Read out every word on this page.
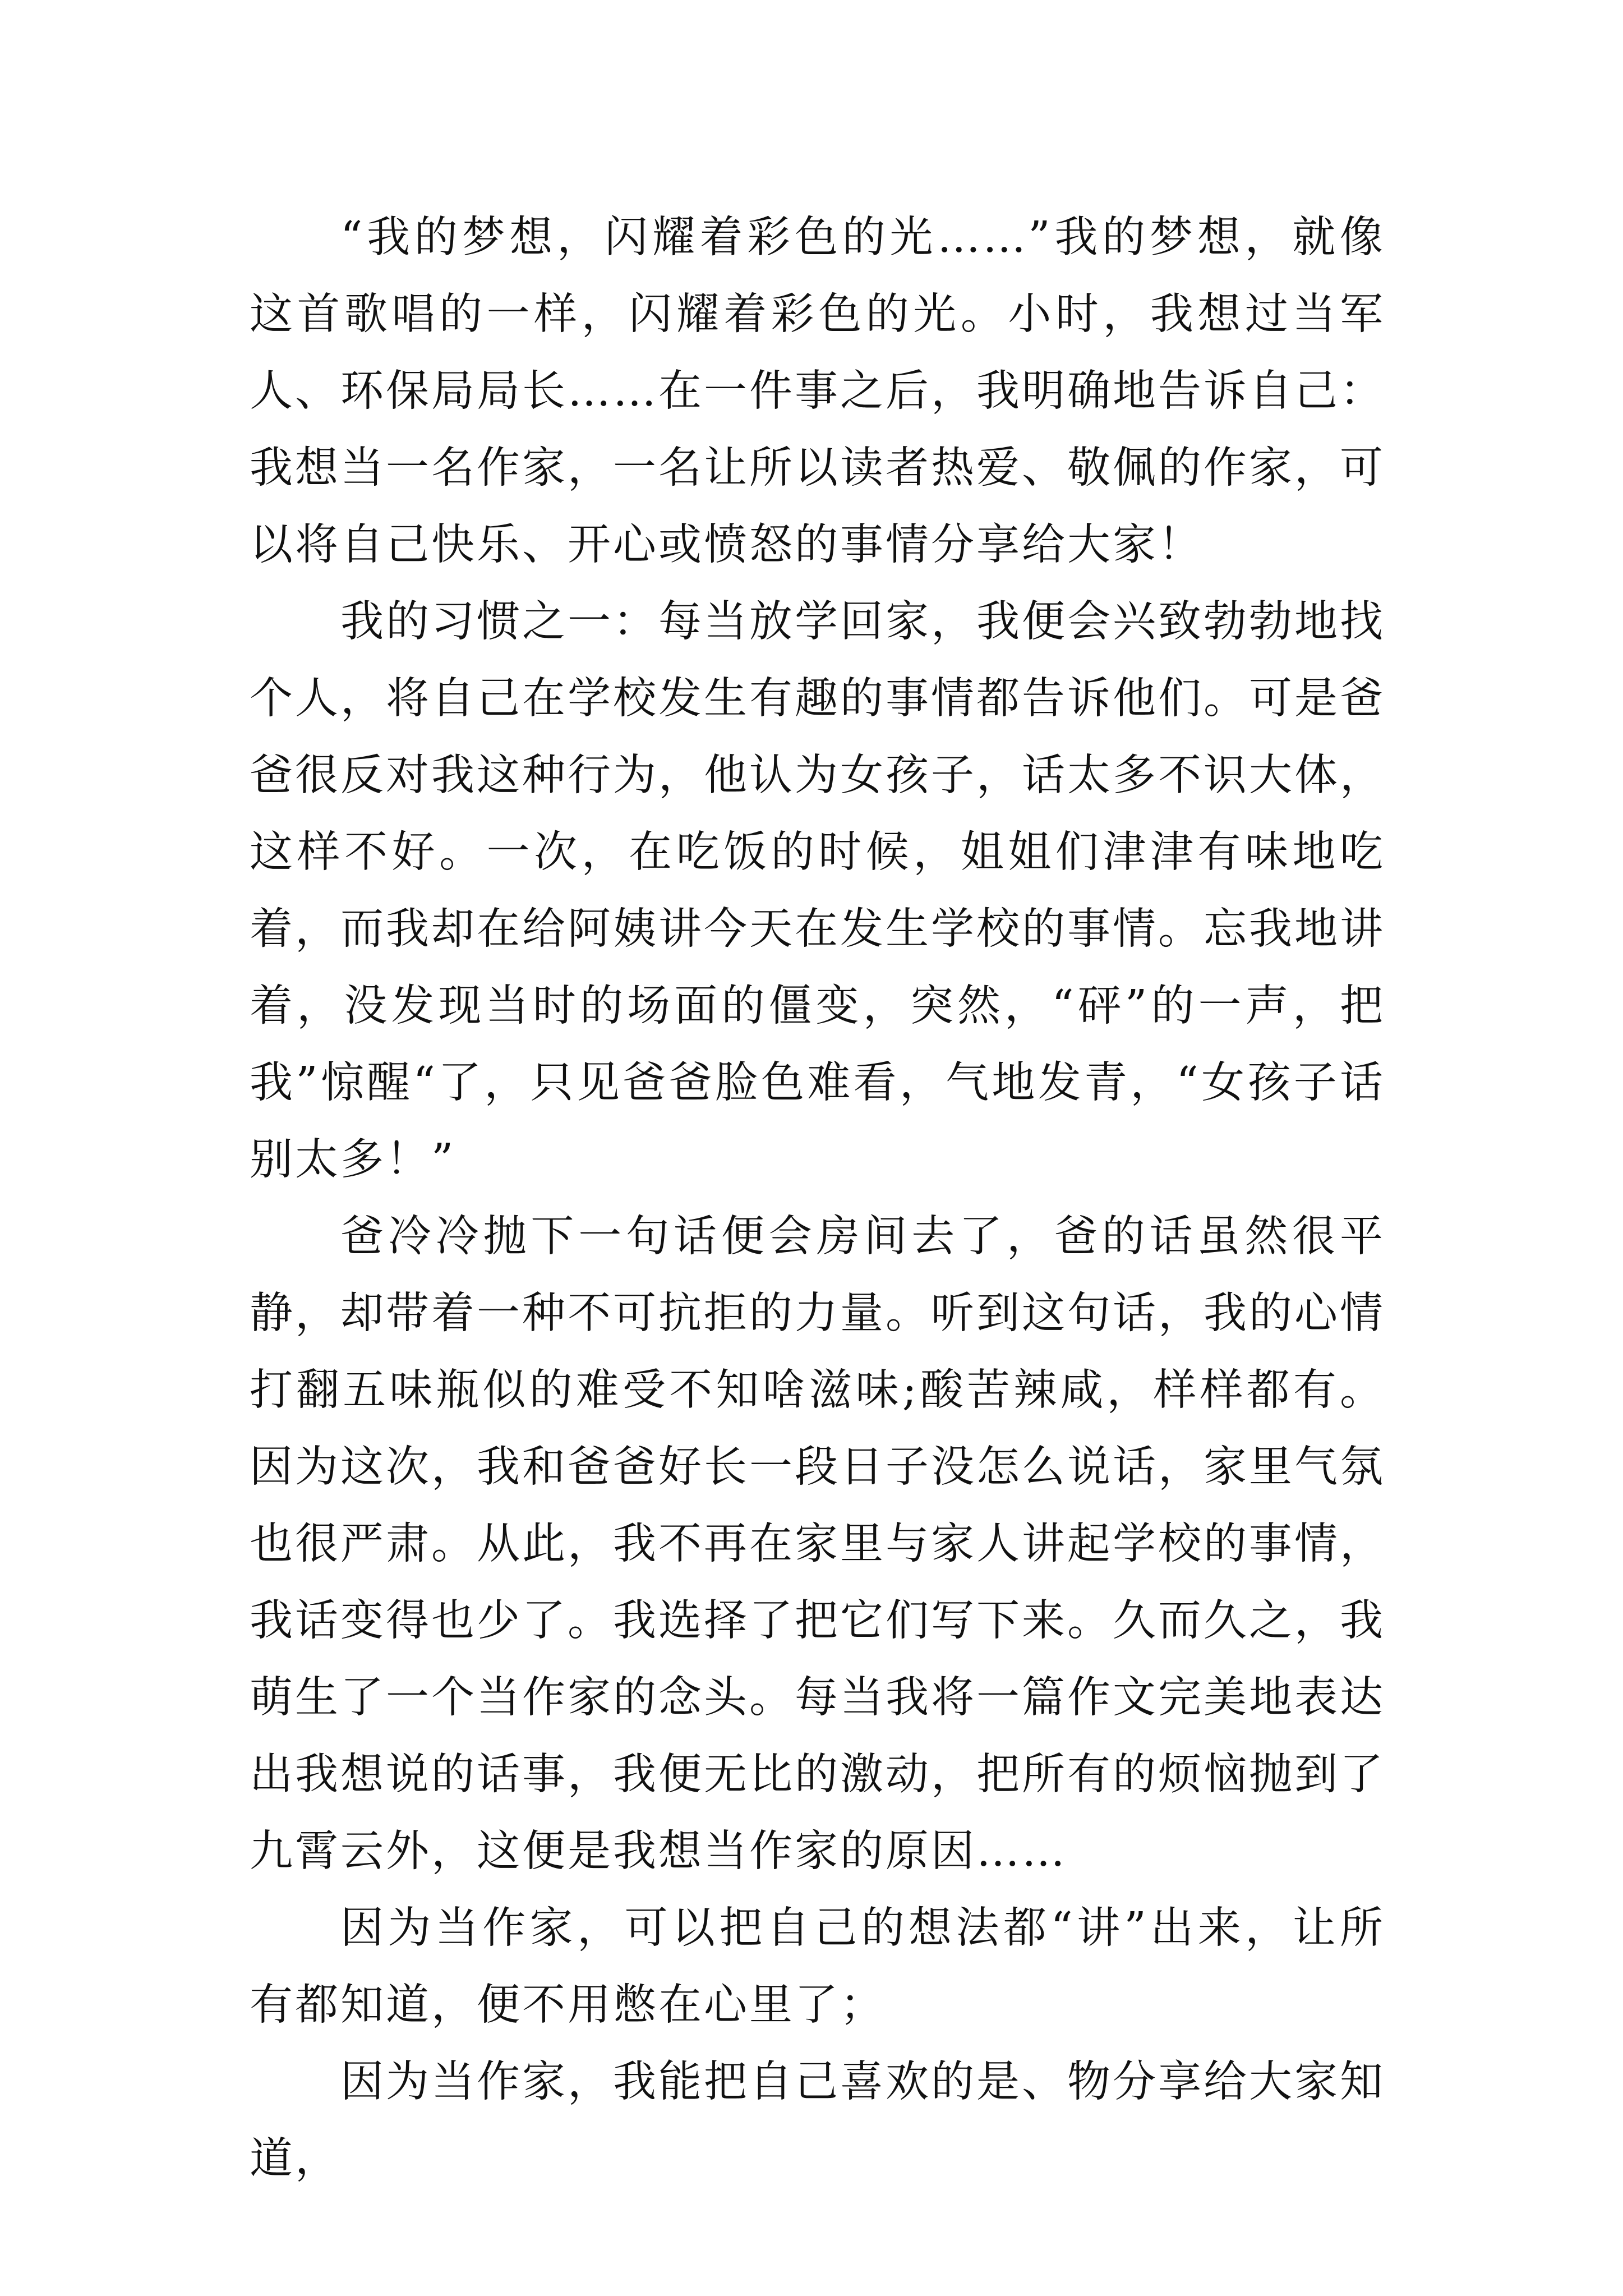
“我的梦想，闪耀着彩色的光……”我的梦想，就像这首歌唱的一样，闪耀着彩色的光。小时，我想过当军人、环保局局长……在一件事之后，我明确地告诉自己：我想当一名作家，一名让所以读者热爱、敬佩的作家，可以将自己快乐、开心或愤怒的事情分享给大家！

我的习惯之一：每当放学回家，我便会兴致勃勃地找个人，将自己在学校发生有趣的事情都告诉他们。可是爸爸很反对我这种行为，他认为女孩子，话太多不识大体，这样不好。一次，在吃饭的时候，姐姐们津津有味地吃着，而我却在给阿姨讲今天在发生学校的事情。忘我地讲着，没发现当时的场面的僵变，突然，“砰”的一声，把我”惊醒“了，只见爸爸脸色难看，气地发青，“女孩子话别太多！”

爸冷冷抛下一句话便会房间去了，爸的话虽然很平静，却带着一种不可抗拒的力量。听到这句话，我的心情打翻五味瓶似的难受不知啥滋味;酸苦辣咸，样样都有。因为这次，我和爸爸好长一段日子没怎么说话，家里气氛也很严肃。从此，我不再在家里与家人讲起学校的事情，我话变得也少了。我选择了把它们写下来。久而久之，我萌生了一个当作家的念头。每当我将一篇作文完美地表达出我想说的话事，我便无比的激动，把所有的烦恼抛到了九霄云外，这便是我想当作家的原因……

因为当作家，可以把自己的想法都“讲”出来，让所有都知道，便不用憋在心里了；

因为当作家，我能把自己喜欢的是、物分享给大家知道，
